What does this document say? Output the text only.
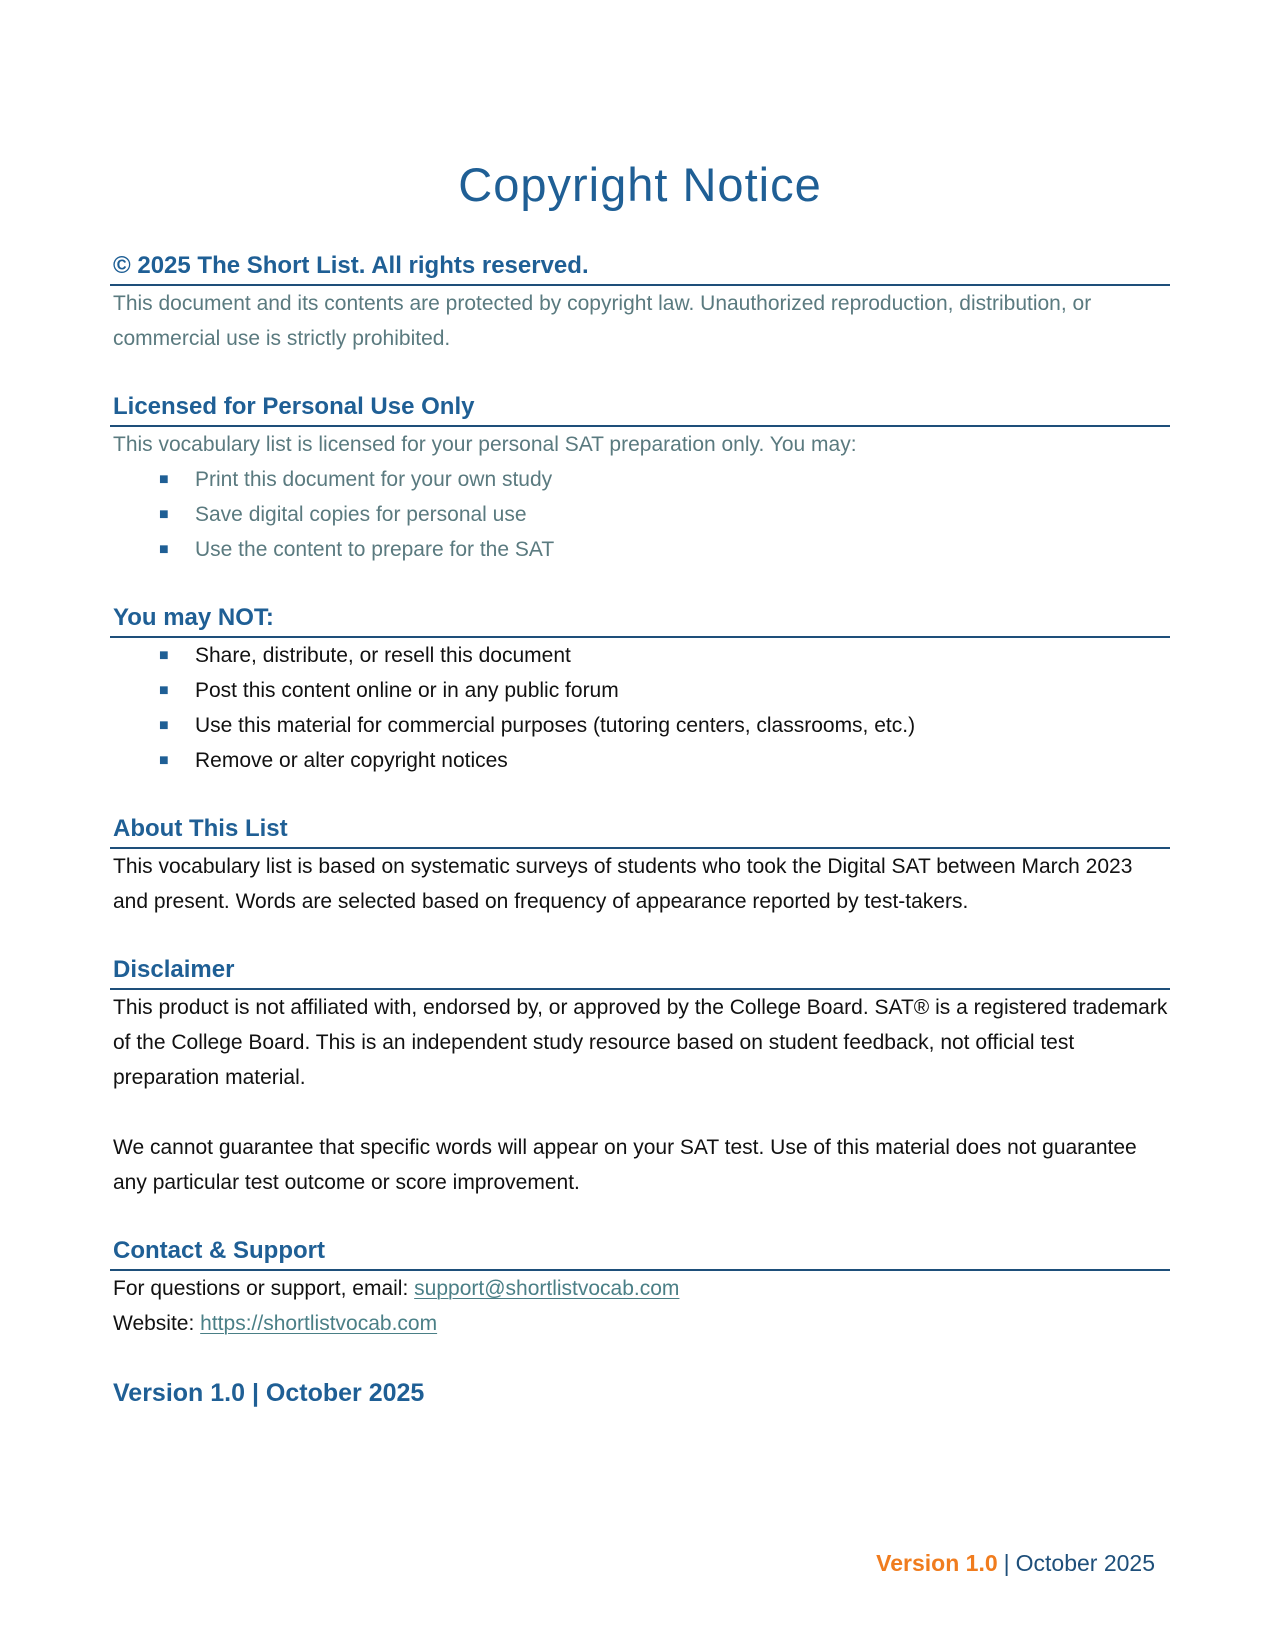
Copyright Notice
© 2025 The Short List. All rights reserved.

This document and its contents are protected by copyright law. Unauthorized reproduction, distribution, or commercial use is strictly prohibited.

Licensed for Personal Use Only

This vocabulary list is licensed for your personal SAT preparation only. You may:

■ Print this document for your own study
■ Save digital copies for personal use
■ Use the content to prepare for the SAT
You may NOT:
■ Share, distribute, or resell this document
■ Post this content online or in any public forum
■ Use this material for commercial purposes (tutoring centers, classrooms, etc.)
■ Remove or alter copyright notices
About This List

This vocabulary list is based on systematic surveys of students who took the Digital SAT between March 2023 and present. Words are selected based on frequency of appearance reported by test-takers.

Disclaimer

This product is not affiliated with, endorsed by, or approved by the College Board. SAT® is a registered trademark of the College Board. This is an independent study resource based on student feedback, not official test preparation material.

We cannot guarantee that specific words will appear on your SAT test. Use of this material does not guarantee any particular test outcome or score improvement.

Contact & Support

For questions or support, email: support@shortlistvocab.com

Website: https://shortlistvocab.com

Version 1.0 | October 2025
Version 1.0 | October 2025
